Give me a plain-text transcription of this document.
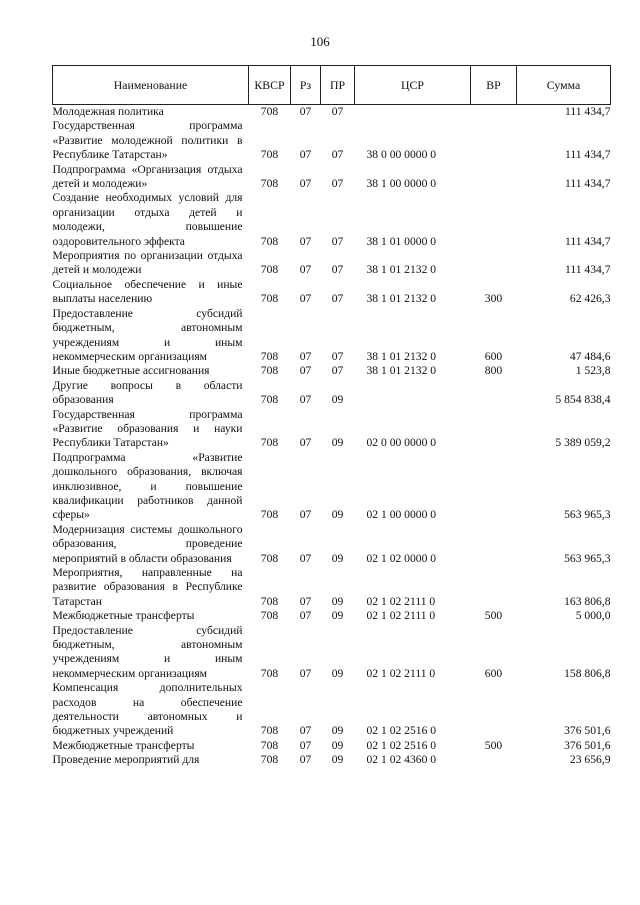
106
Наименование	КВСР	Рз	ПР	ЦСР	ВР	Сумма
Молодежная политика	708	07	07			111 434,7
Государственная программа «Развитие молодежной политики в Республике Татарстан»	708	07	07	38 0 00 0000 0		111 434,7
Подпрограмма «Организация отдыха детей и молодежи»	708	07	07	38 1 00 0000 0		111 434,7
Создание необходимых условий для организации отдыха детей и молодежи, повышение оздоровительного эффекта	708	07	07	38 1 01 0000 0		111 434,7
Мероприятия по организации отдыха детей и молодежи	708	07	07	38 1 01 2132 0		111 434,7
Социальное обеспечение и иные выплаты населению	708	07	07	38 1 01 2132 0	300	62 426,3
Предоставление субсидий бюджетным, автономным учреждениям и иным некоммерческим организациям	708	07	07	38 1 01 2132 0	600	47 484,6
Иные бюджетные ассигнования	708	07	07	38 1 01 2132 0	800	1 523,8
Другие вопросы в области образования	708	07	09			5 854 838,4
Государственная программа «Развитие образования и науки Республики Татарстан»	708	07	09	02 0 00 0000 0		5 389 059,2
Подпрограмма «Развитие дошкольного образования, включая инклюзивное, и повышение квалификации работников данной сферы»	708	07	09	02 1 00 0000 0		563 965,3
Модернизация системы дошкольного образования, проведение мероприятий в области образования	708	07	09	02 1 02 0000 0		563 965,3
Мероприятия, направленные на развитие образования в Республике Татарстан	708	07	09	02 1 02 2111 0		163 806,8
Межбюджетные трансферты	708	07	09	02 1 02 2111 0	500	5 000,0
Предоставление субсидий бюджетным, автономным учреждениям и иным некоммерческим организациям	708	07	09	02 1 02 2111 0	600	158 806,8
Компенсация дополнительных расходов на обеспечение деятельности автономных и бюджетных учреждений	708	07	09	02 1 02 2516 0		376 501,6
Межбюджетные трансферты	708	07	09	02 1 02 2516 0	500	376 501,6
Проведение мероприятий для	708	07	09	02 1 02 4360 0		23 656,9
